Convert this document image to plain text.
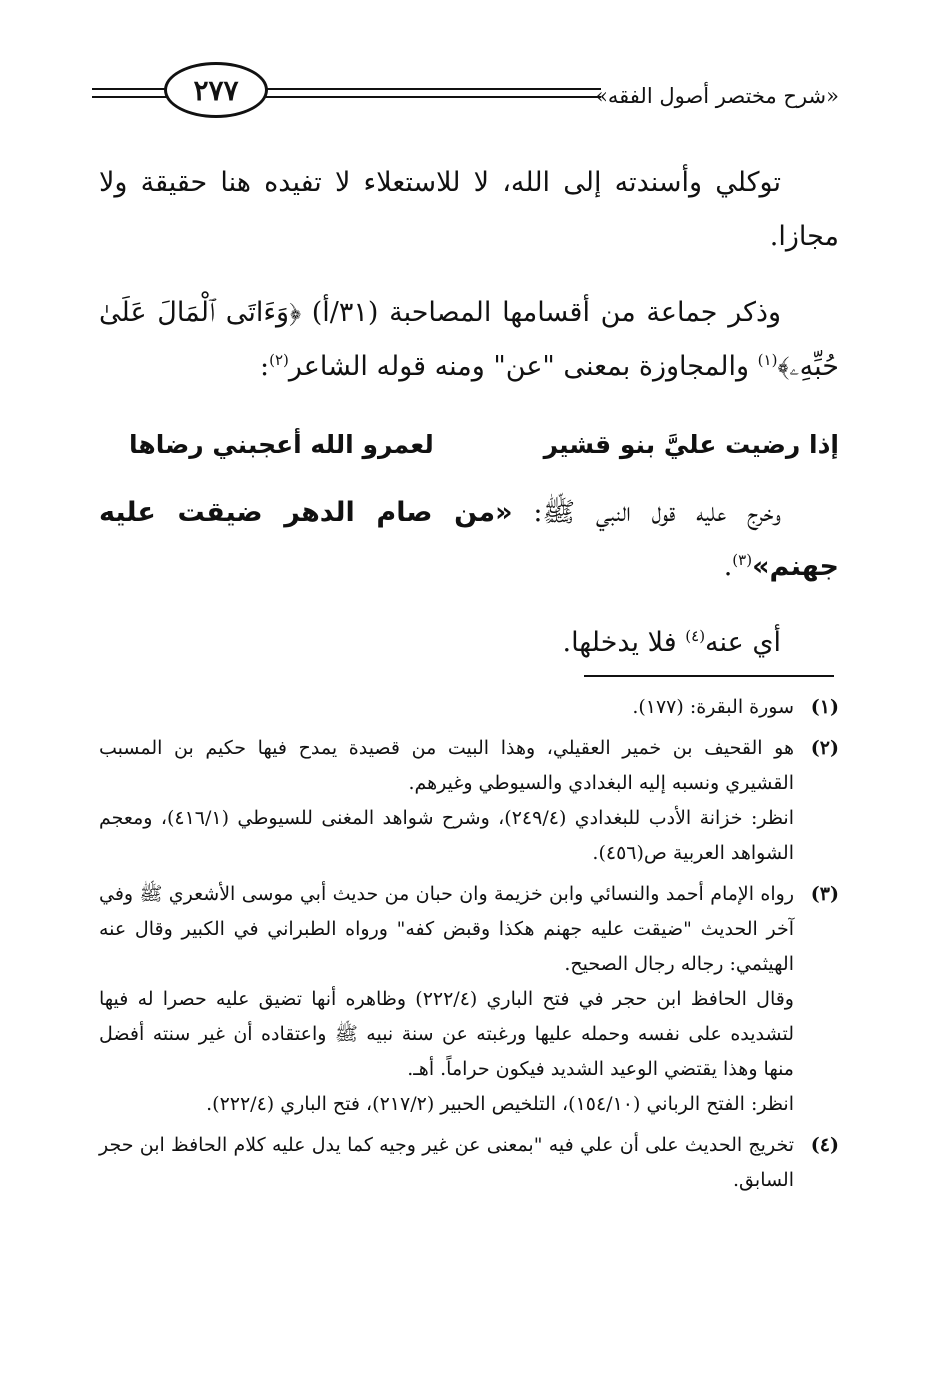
«شرح مختصر أصول الفقه»
٢٧٧

توكلي وأسندته إلى الله، لا للاستعلاء لا تفيده هنا حقيقة ولا مجازا.

وذكر جماعة من أقسامها المصاحبة (٣١/أ) ﴿وَءَاتَى ٱلْمَالَ عَلَىٰ حُبِّهِۦ﴾$^{(١)}$ والمجاوزة بمعنى "عن" ومنه قوله الشاعر$^{(٢)}$:

إذا رضيت عليَّ بنو قشير
لعمرو الله أعجبني رضاها

وخرج عليه قول النبي ﷺ: «من صام الدهر ضيقت عليه جهنم»$^{(٣)}$.

أي عنه$^{(٤)}$ فلا يدخلها.

(١)

سورة البقرة: (١٧٧).

(٢)

هو القحيف بن خمير العقيلي، وهذا البيت من قصيدة يمدح فيها حكيم بن المسبب القشيري ونسبه إليه البغدادي والسيوطي وغيرهم.

انظر: خزانة الأدب للبغدادي (٢٤٩/٤)، وشرح شواهد المغنى للسيوطي (٤١٦/١)، ومعجم الشواهد العربية ص(٤٥٦).

(٣)

رواه الإمام أحمد والنسائي وابن خزيمة وان حبان من حديث أبي موسى الأشعري ﷺ وفي آخر الحديث "ضيقت عليه جهنم هكذا وقبض كفه" ورواه الطبراني في الكبير وقال عنه الهيثمي: رجاله رجال الصحيح.

وقال الحافظ ابن حجر في فتح الباري (٢٢٢/٤) وظاهره أنها تضيق عليه حصرا له فيها لتشديده على نفسه وحمله عليها ورغبته عن سنة نبيه ﷺ واعتقاده أن غير سنته أفضل منها وهذا يقتضي الوعيد الشديد فيكون حراماً. أهـ.

انظر: الفتح الرباني (١٥٤/١٠)، التلخيص الحبير (٢١٧/٢)، فتح الباري (٢٢٢/٤).

(٤)

تخريج الحديث على أن علي فيه "بمعنى عن غير وجيه كما يدل عليه كلام الحافظ ابن حجر السابق.
